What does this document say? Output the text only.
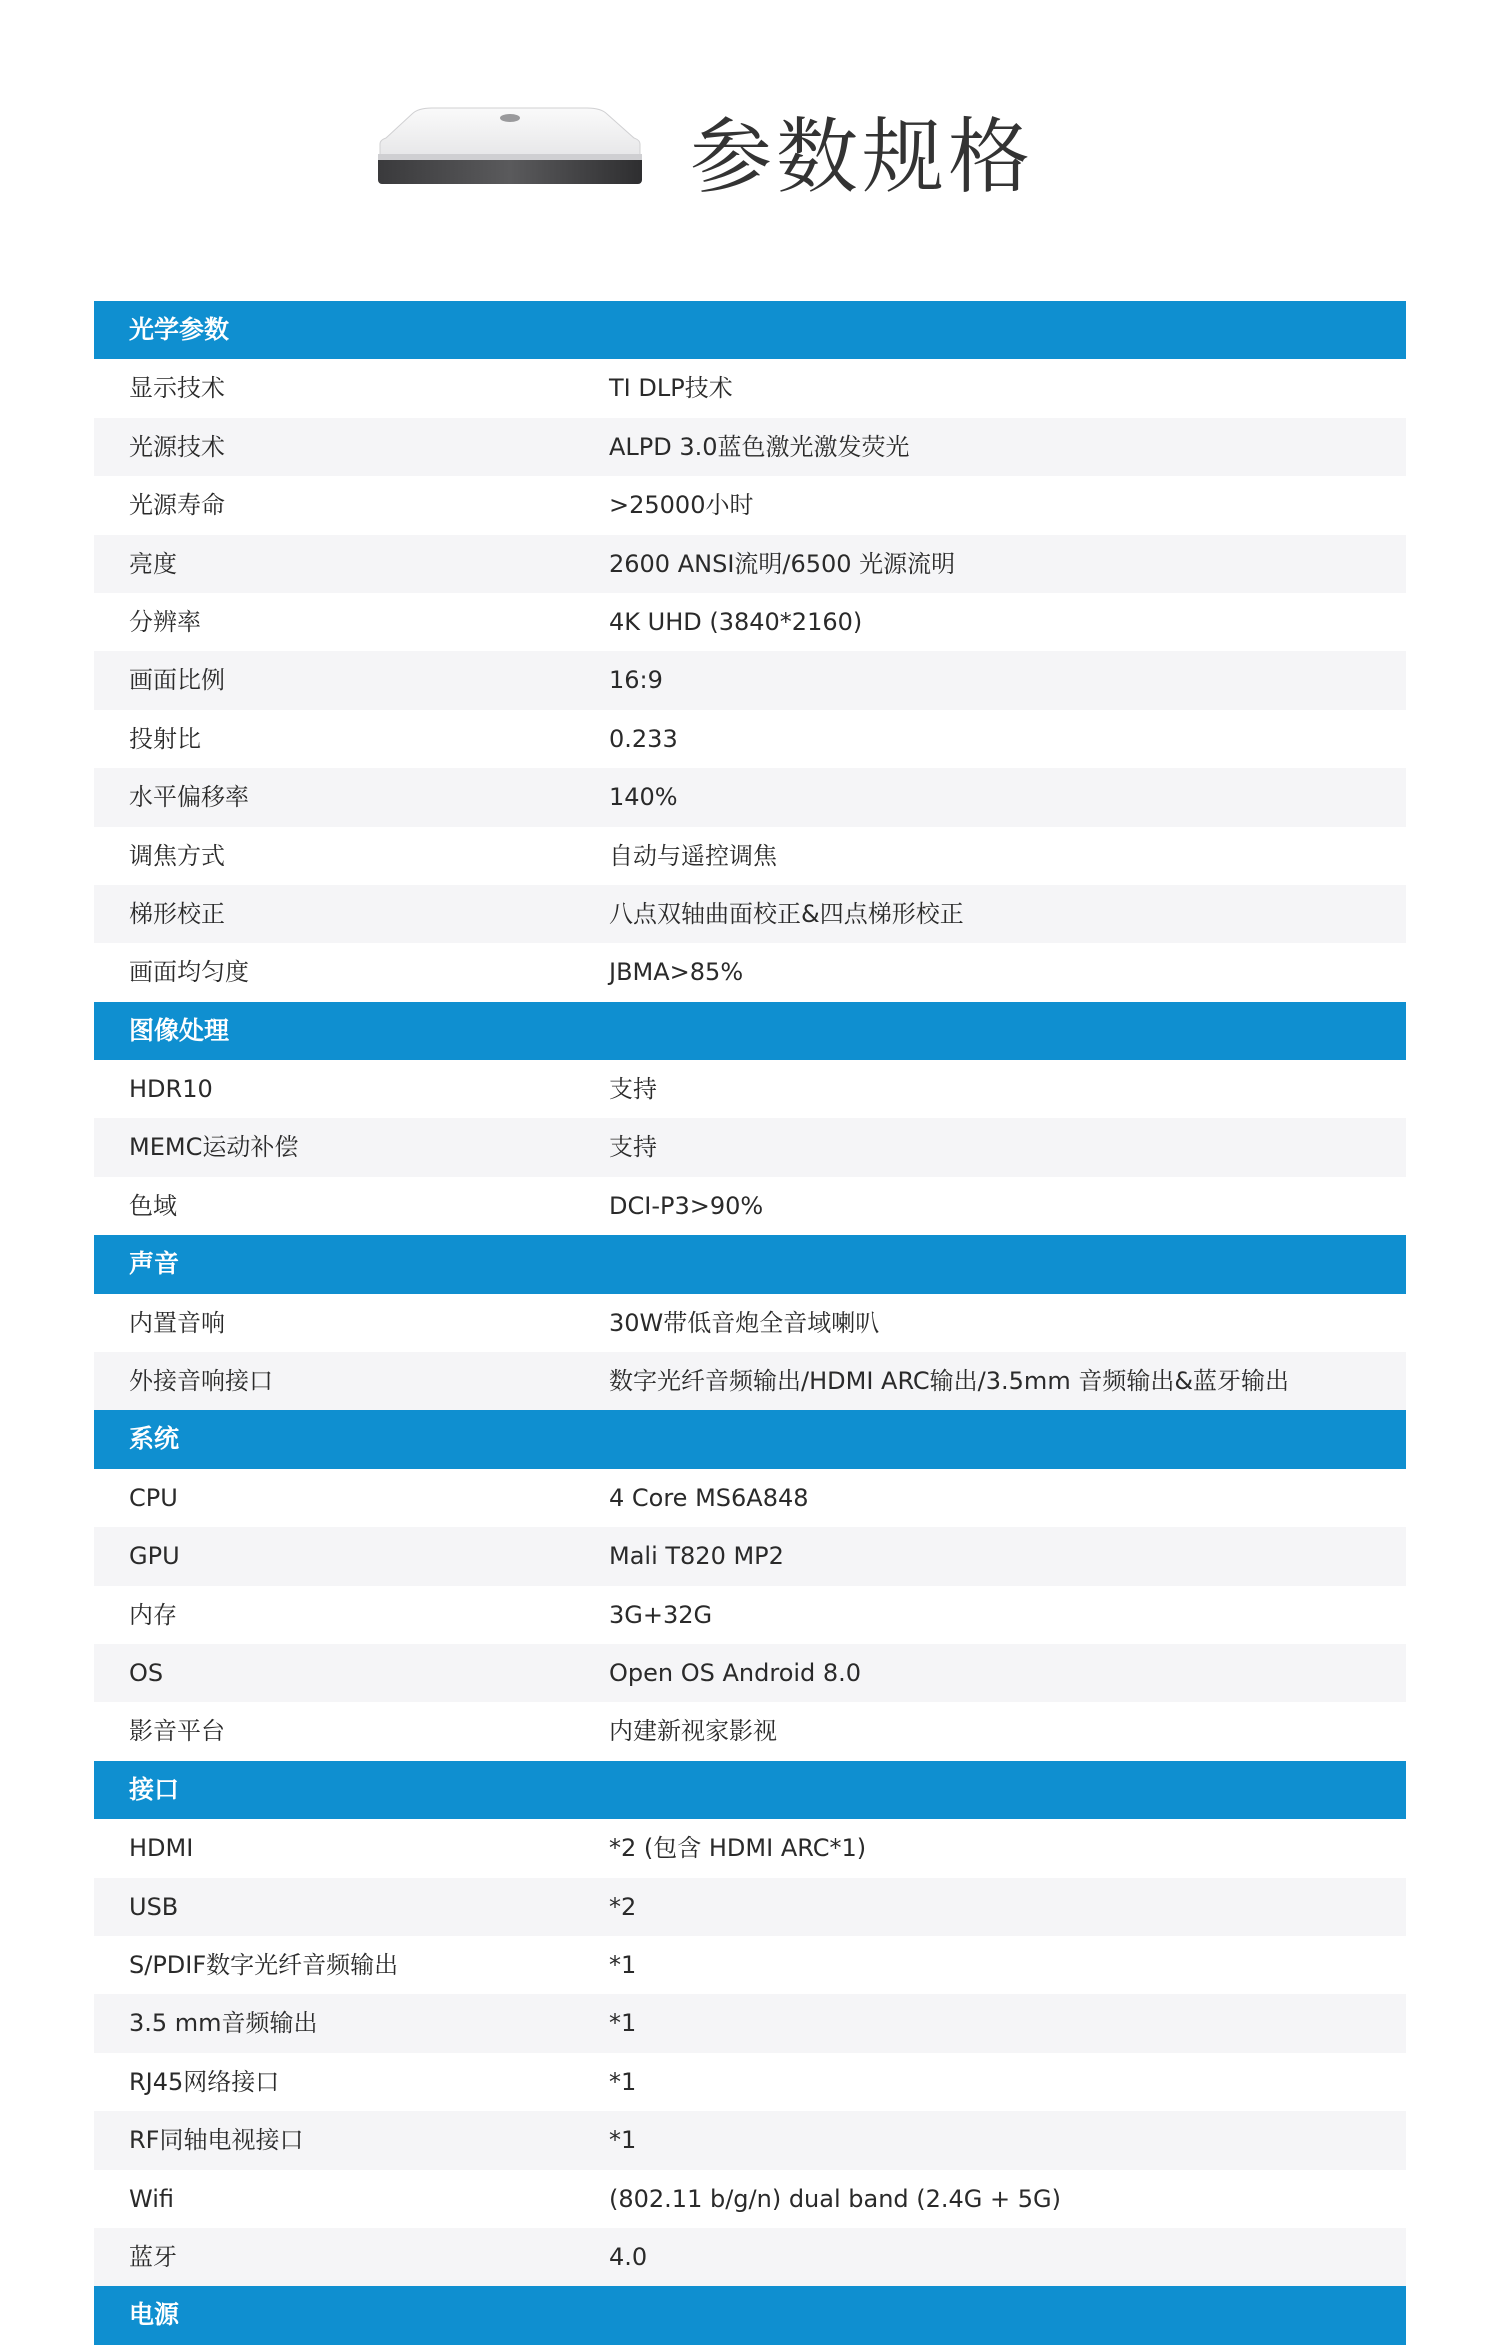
参数规格
光学参数
显示技术	TI DLP技术
光源技术	ALPD 3.0蓝色激光激发荧光
光源寿命	>25000小时
亮度	2600 ANSI流明/6500 光源流明
分辨率	4K UHD (3840*2160)
画面比例	16:9
投射比	0.233
水平偏移率	140%
调焦方式	自动与遥控调焦
梯形校正	八点双轴曲面校正&四点梯形校正
画面均匀度	JBMA>85%
图像处理
HDR10	支持
MEMC运动补偿	支持
色域	DCI-P3>90%
声音
内置音响	30W带低音炮全音域喇叭
外接音响接口	数字光纤音频输出/HDMI ARC输出/3.5mm 音频输出&蓝牙输出
系统
CPU	4 Core MS6A848
GPU	Mali T820 MP2
内存	3G+32G
OS	Open OS Android 8.0
影音平台	内建新视家影视
接口
HDMI	*2 (包含 HDMI ARC*1)
USB	*2
S/PDIF数字光纤音频输出	*1
3.5 mm音频输出	*1
RJ45网络接口	*1
RF同轴电视接口	*1
Wifi	(802.11 b/g/n) dual band (2.4G + 5G)
蓝牙	4.0
电源
